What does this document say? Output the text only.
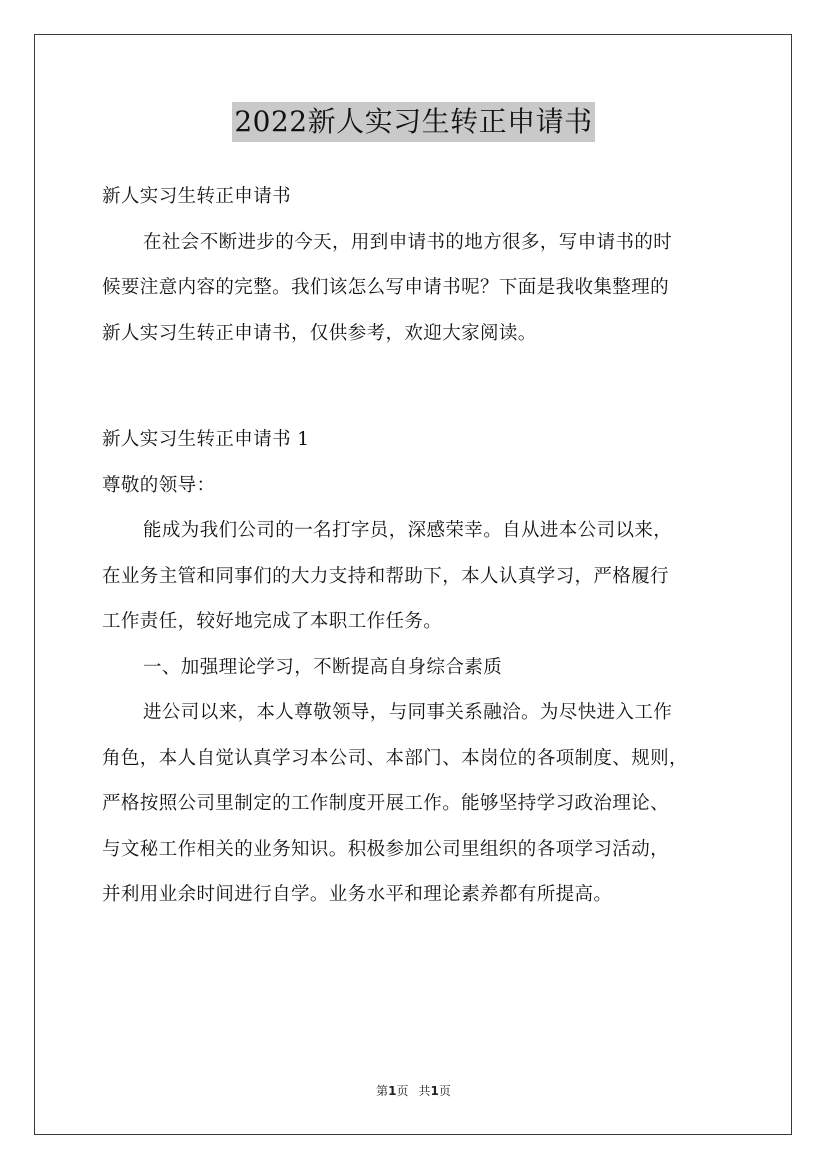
2022新人实习生转正申请书

新人实习生转正申请书

在社会不断进步的今天，用到申请书的地方很多，写申请书的时

候要注意内容的完整。我们该怎么写申请书呢？下面是我收集整理的

新人实习生转正申请书，仅供参考，欢迎大家阅读。

新人实习生转正申请书 1

尊敬的领导：

能成为我们公司的一名打字员，深感荣幸。自从进本公司以来，

在业务主管和同事们的大力支持和帮助下，本人认真学习，严格履行

工作责任，较好地完成了本职工作任务。

一、加强理论学习，不断提高自身综合素质

进公司以来，本人尊敬领导，与同事关系融洽。为尽快进入工作

角色，本人自觉认真学习本公司、本部门、本岗位的各项制度、规则，

严格按照公司里制定的工作制度开展工作。能够坚持学习政治理论、

与文秘工作相关的业务知识。积极参加公司里组织的各项学习活动，

并利用业余时间进行自学。业务水平和理论素养都有所提高。

第1页 共1页
